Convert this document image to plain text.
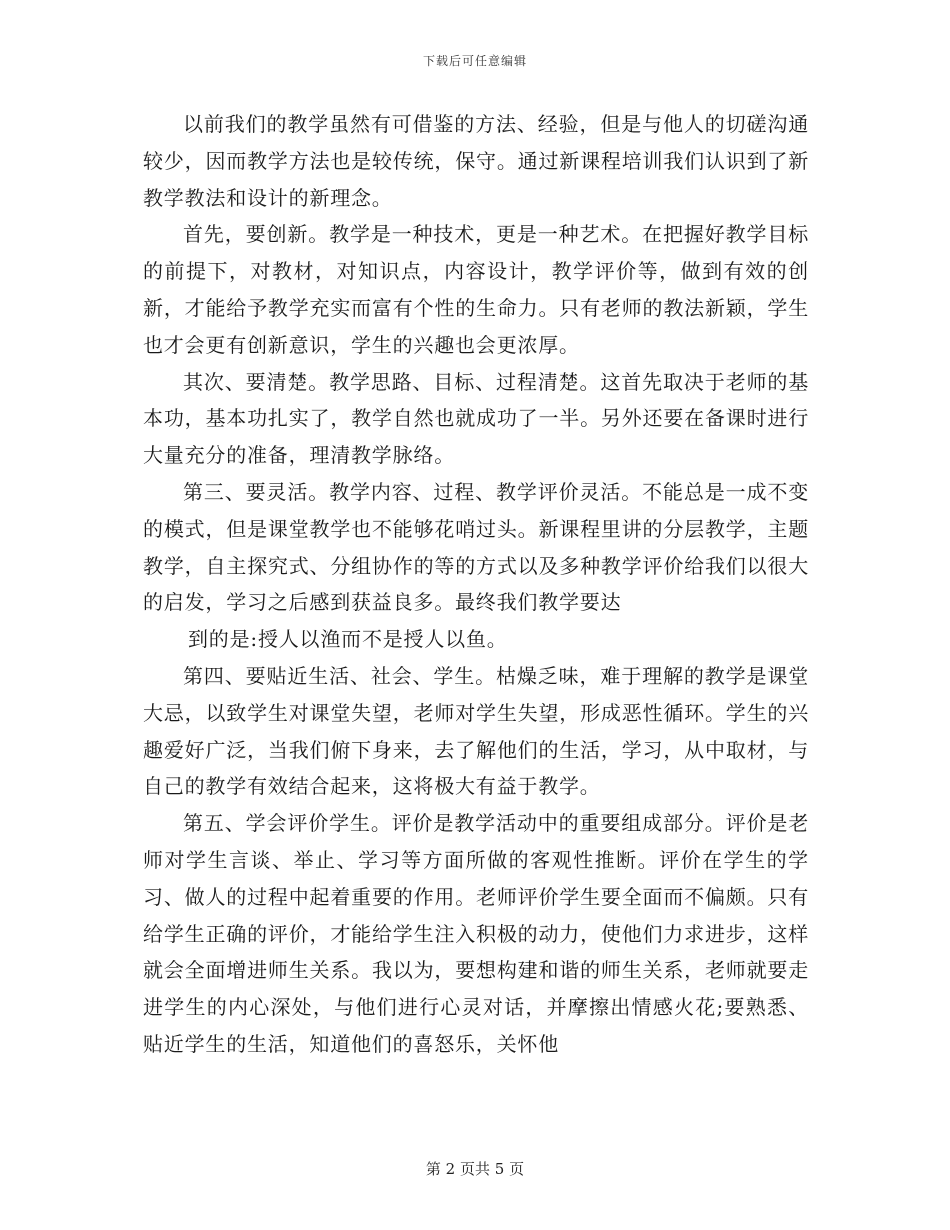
下载后可任意编辑

以前我们的教学虽然有可借鉴的方法、经验，但是与他人的切磋沟通较少，因而教学方法也是较传统，保守。通过新课程培训我们认识到了新教学教法和设计的新理念。

首先，要创新。教学是一种技术，更是一种艺术。在把握好教学目标的前提下，对教材，对知识点，内容设计，教学评价等，做到有效的创新，才能给予教学充实而富有个性的生命力。只有老师的教法新颖，学生也才会更有创新意识，学生的兴趣也会更浓厚。

其次、要清楚。教学思路、目标、过程清楚。这首先取决于老师的基本功，基本功扎实了，教学自然也就成功了一半。另外还要在备课时进行大量充分的准备，理清教学脉络。

第三、要灵活。教学内容、过程、教学评价灵活。不能总是一成不变的模式，但是课堂教学也不能够花哨过头。新课程里讲的分层教学，主题教学，自主探究式、分组协作的等的方式以及多种教学评价给我们以很大的启发，学习之后感到获益良多。最终我们教学要达

到的是:授人以渔而不是授人以鱼。

第四、要贴近生活、社会、学生。枯燥乏味，难于理解的教学是课堂大忌，以致学生对课堂失望，老师对学生失望，形成恶性循环。学生的兴趣爱好广泛，当我们俯下身来，去了解他们的生活，学习，从中取材，与自己的教学有效结合起来，这将极大有益于教学。

第五、学会评价学生。评价是教学活动中的重要组成部分。评价是老师对学生言谈、举止、学习等方面所做的客观性推断。评价在学生的学习、做人的过程中起着重要的作用。老师评价学生要全面而不偏颇。只有给学生正确的评价，才能给学生注入积极的动力，使他们力求进步，这样就会全面增进师生关系。我以为，要想构建和谐的师生关系，老师就要走进学生的内心深处，与他们进行心灵对话，并摩擦出情感火花;要熟悉、贴近学生的生活，知道他们的喜怒乐，关怀他

第 2 页共 5 页
